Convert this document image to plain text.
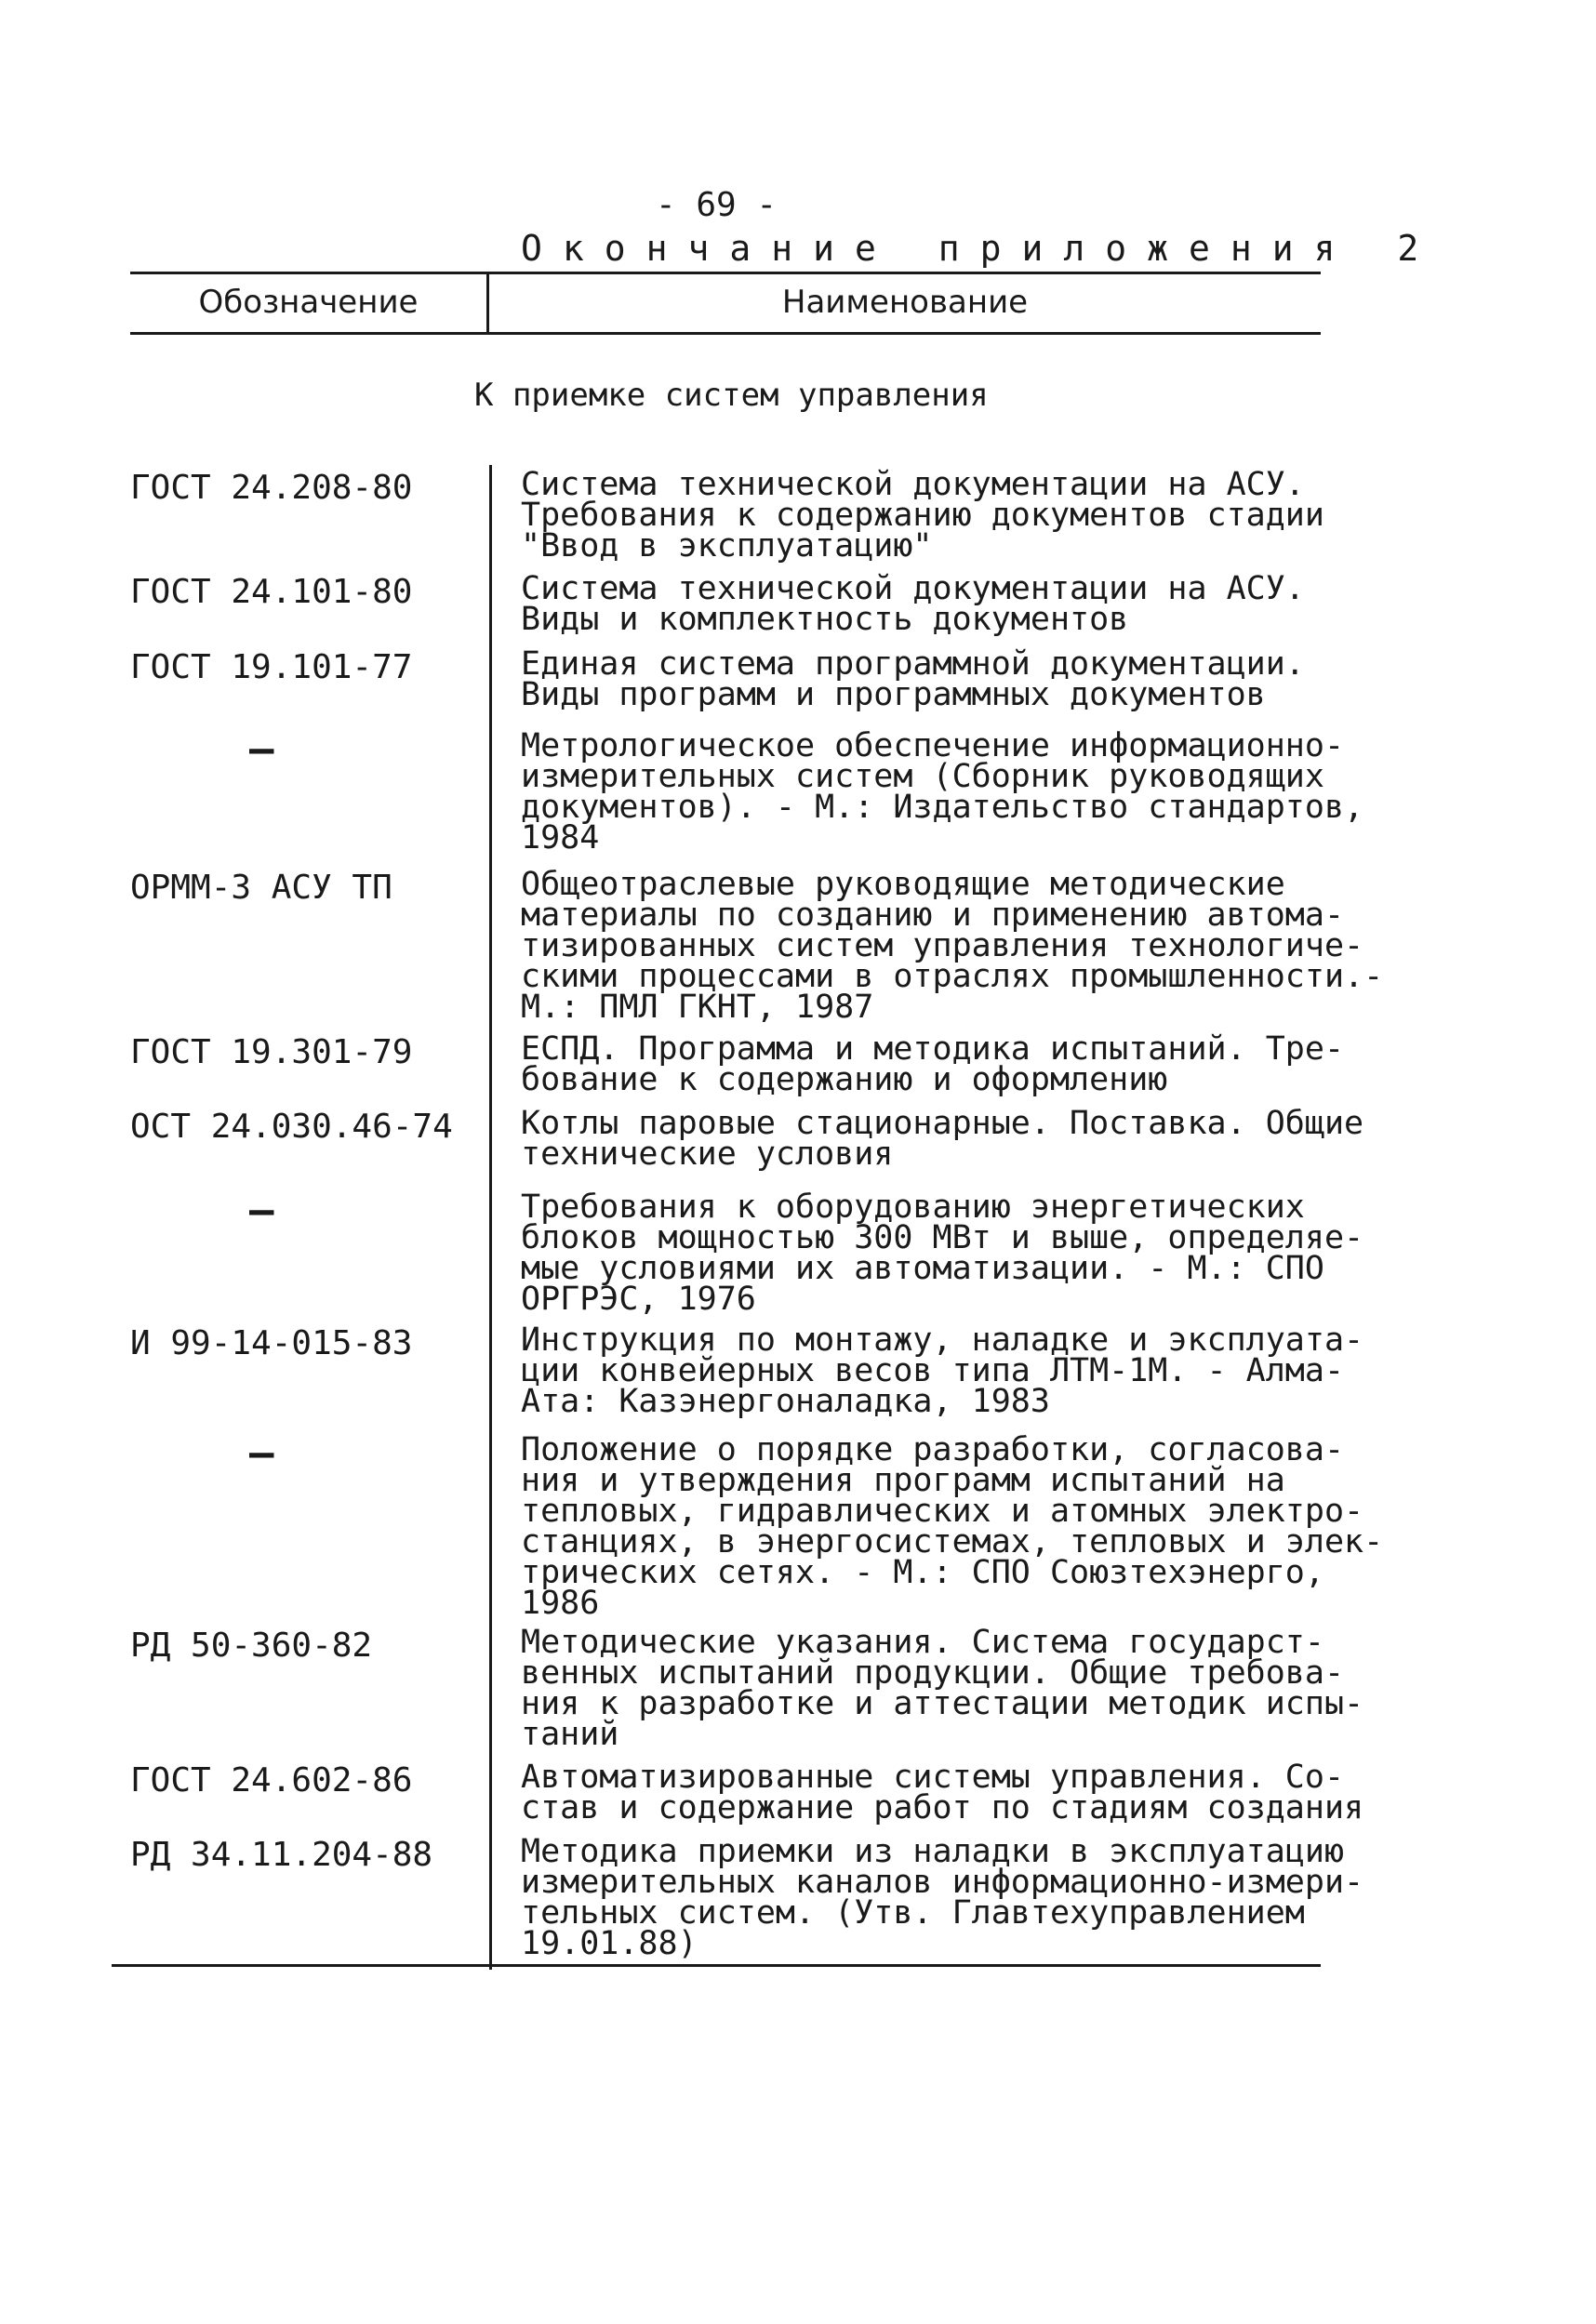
- 69 -
Окончание приложения 2
Обозначение	Наименование
К приемке систем управления
ГОСТ 24.208-80	Система технической документации на АСУ.
Требования к содержанию документов стадии
"Ввод в эксплуатацию"
ГОСТ 24.101-80	Система технической документации на АСУ.
Виды и комплектность документов
ГОСТ 19.101-77	Единая система программной документации.
Виды программ и программных документов
–	Метрологическое обеспечение информационно-
измерительных систем (Сборник руководящих
документов). - М.: Издательство стандартов,
1984
ОРММ-3 АСУ ТП	Общеотраслевые руководящие методические
материалы по созданию и применению автома-
тизированных систем управления технологиче-
скими процессами в отраслях промышленности.-
М.: ПМЛ ГКНТ, 1987
ГОСТ 19.301-79	ЕСПД. Программа и методика испытаний. Тре-
бование к содержанию и оформлению
ОСТ 24.030.46-74	Котлы паровые стационарные. Поставка. Общие
технические условия
–	Требования к оборудованию энергетических
блоков мощностью 300 МВт и выше, определяе-
мые условиями их автоматизации. - М.: СПО
ОРГРЭС, 1976
И 99-14-015-83	Инструкция по монтажу, наладке и эксплуата-
ции конвейерных весов типа ЛТМ-1М. - Алма-
Ата: Казэнергоналадка, 1983
–	Положение о порядке разработки, согласова-
ния и утверждения программ испытаний на
тепловых, гидравлических и атомных электро-
станциях, в энергосистемах, тепловых и элек-
трических сетях. - М.: СПО Союзтехэнерго,
1986
РД 50-360-82	Методические указания. Система государст-
венных испытаний продукции. Общие требова-
ния к разработке и аттестации методик испы-
таний
ГОСТ 24.602-86	Автоматизированные системы управления. Со-
став и содержание работ по стадиям создания
РД 34.11.204-88	Методика приемки из наладки в эксплуатацию
измерительных каналов информационно-измери-
тельных систем. (Утв. Главтехуправлением
19.01.88)
